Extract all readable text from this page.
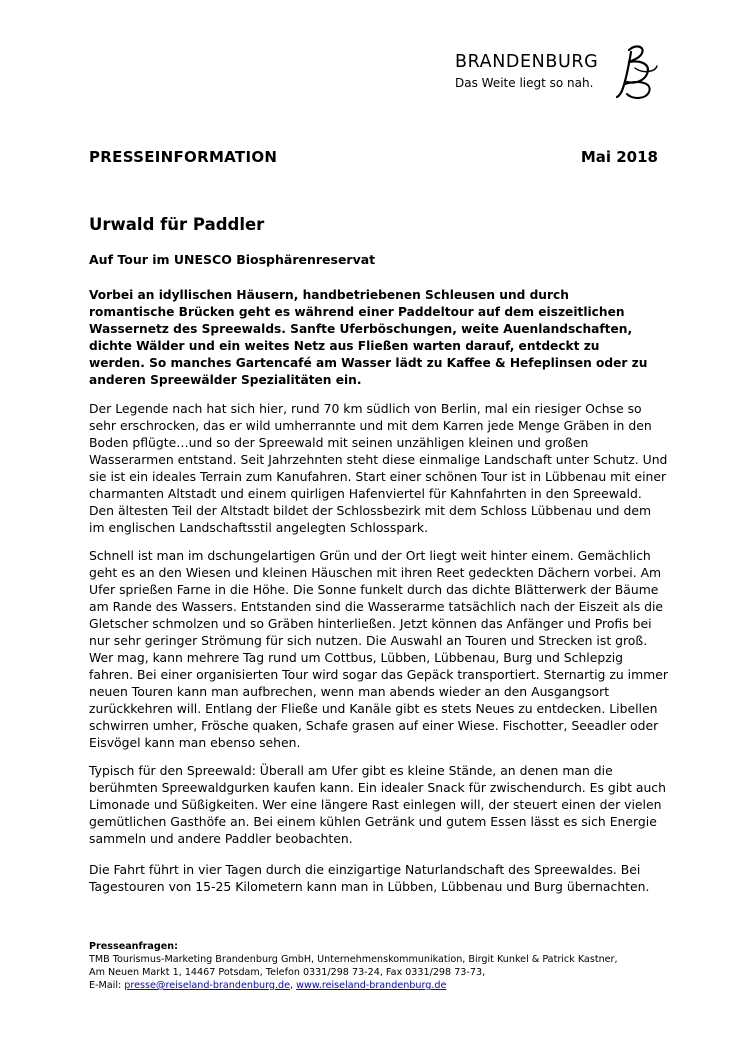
BRANDENBURG
Das Weite liegt so nah.
PRESSEINFORMATION	Mai 2018
Urwald für Paddler
Auf Tour im UNESCO Biosphärenreservat
Vorbei an idyllischen Häusern, handbetriebenen Schleusen und durch
romantische Brücken geht es während einer Paddeltour auf dem eiszeitlichen
Wassernetz des Spreewalds. Sanfte Uferböschungen, weite Auenlandschaften,
dichte Wälder und ein weites Netz aus Fließen warten darauf, entdeckt zu
werden. So manches Gartencafé am Wasser lädt zu Kaffee & Hefeplinsen oder zu
anderen Spreewälder Spezialitäten ein.
Der Legende nach hat sich hier, rund 70 km südlich von Berlin, mal ein riesiger Ochse so
sehr erschrocken, das er wild umherrannte und mit dem Karren jede Menge Gräben in den
Boden pflügte…und so der Spreewald mit seinen unzähligen kleinen und großen
Wasserarmen entstand. Seit Jahrzehnten steht diese einmalige Landschaft unter Schutz. Und
sie ist ein ideales Terrain zum Kanufahren. Start einer schönen Tour ist in Lübbenau mit einer
charmanten Altstadt und einem quirligen Hafenviertel für Kahnfahrten in den Spreewald.
Den ältesten Teil der Altstadt bildet der Schlossbezirk mit dem Schloss Lübbenau und dem
im englischen Landschaftsstil angelegten Schlosspark.
Schnell ist man im dschungelartigen Grün und der Ort liegt weit hinter einem. Gemächlich
geht es an den Wiesen und kleinen Häuschen mit ihren Reet gedeckten Dächern vorbei. Am
Ufer sprießen Farne in die Höhe. Die Sonne funkelt durch das dichte Blätterwerk der Bäume
am Rande des Wassers. Entstanden sind die Wasserarme tatsächlich nach der Eiszeit als die
Gletscher schmolzen und so Gräben hinterließen. Jetzt können das Anfänger und Profis bei
nur sehr geringer Strömung für sich nutzen. Die Auswahl an Touren und Strecken ist groß.
Wer mag, kann mehrere Tag rund um Cottbus, Lübben, Lübbenau, Burg und Schlepzig
fahren. Bei einer organisierten Tour wird sogar das Gepäck transportiert. Sternartig zu immer
neuen Touren kann man aufbrechen, wenn man abends wieder an den Ausgangsort
zurückkehren will. Entlang der Fließe und Kanäle gibt es stets Neues zu entdecken. Libellen
schwirren umher, Frösche quaken, Schafe grasen auf einer Wiese. Fischotter, Seeadler oder
Eisvögel kann man ebenso sehen.
Typisch für den Spreewald: Überall am Ufer gibt es kleine Stände, an denen man die
berühmten Spreewaldgurken kaufen kann. Ein idealer Snack für zwischendurch. Es gibt auch
Limonade und Süßigkeiten. Wer eine längere Rast einlegen will, der steuert einen der vielen
gemütlichen Gasthöfe an. Bei einem kühlen Getränk und gutem Essen lässt es sich Energie
sammeln und andere Paddler beobachten.
Die Fahrt führt in vier Tagen durch die einzigartige Naturlandschaft des Spreewaldes. Bei
Tagestouren von 15-25 Kilometern kann man in Lübben, Lübbenau und Burg übernachten.
Presseanfragen:
TMB Tourismus-Marketing Brandenburg GmbH, Unternehmenskommunikation, Birgit Kunkel & Patrick Kastner,
Am Neuen Markt 1, 14467 Potsdam, Telefon 0331/298 73-24, Fax 0331/298 73-73,
E-Mail: presse@reiseland-brandenburg.de, www.reiseland-brandenburg.de
